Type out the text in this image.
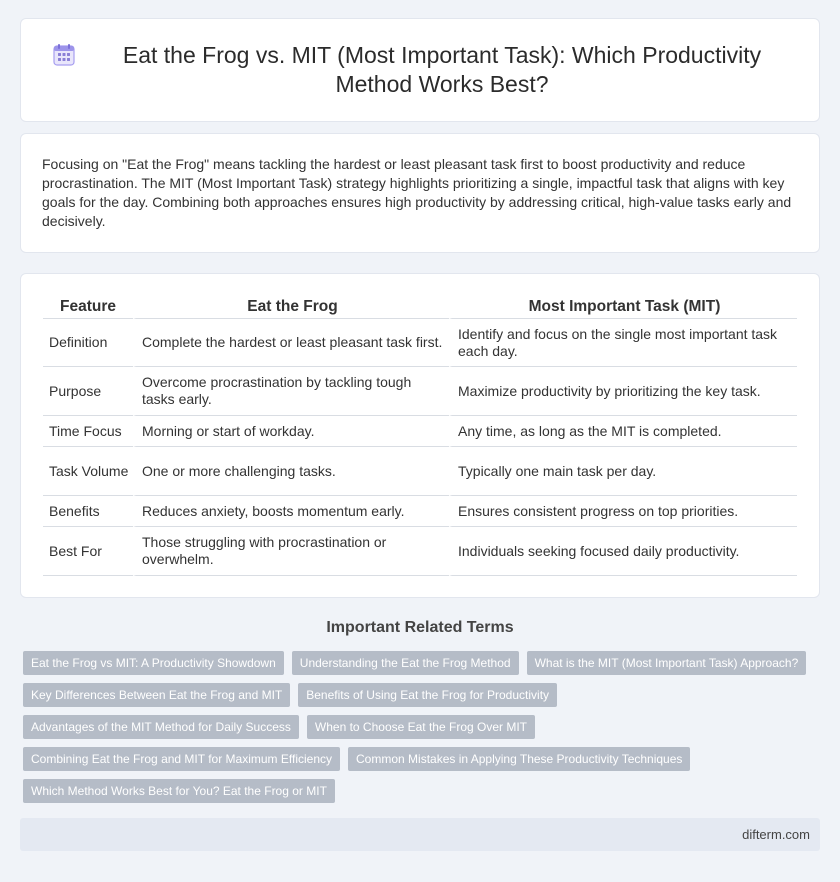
Eat the Frog vs. MIT (Most Important Task): Which Productivity Method Works Best?

Focusing on "Eat the Frog" means tackling the hardest or least pleasant task first to boost productivity and reduce procrastination. The MIT (Most Important Task) strategy highlights prioritizing a single, impactful task that aligns with key goals for the day. Combining both approaches ensures high productivity by addressing critical, high-value tasks early and decisively.

Feature	Eat the Frog	Most Important Task (MIT)
Definition	Complete the hardest or least pleasant task first.	Identify and focus on the single most important task each day.
Purpose	Overcome procrastination by tackling tough tasks early.	Maximize productivity by prioritizing the key task.
Time Focus	Morning or start of workday.	Any time, as long as the MIT is completed.
Task Volume	One or more challenging tasks.	Typically one main task per day.
Benefits	Reduces anxiety, boosts momentum early.	Ensures consistent progress on top priorities.
Best For	Those struggling with procrastination or overwhelm.	Individuals seeking focused daily productivity.
Important Related Terms
Eat the Frog vs MIT: A Productivity Showdown	Understanding the Eat the Frog Method	What is the MIT (Most Important Task) Approach?
Key Differences Between Eat the Frog and MIT	Benefits of Using Eat the Frog for Productivity
Advantages of the MIT Method for Daily Success	When to Choose Eat the Frog Over MIT
Combining Eat the Frog and MIT for Maximum Efficiency	Common Mistakes in Applying These Productivity Techniques
Which Method Works Best for You? Eat the Frog or MIT
difterm.com
